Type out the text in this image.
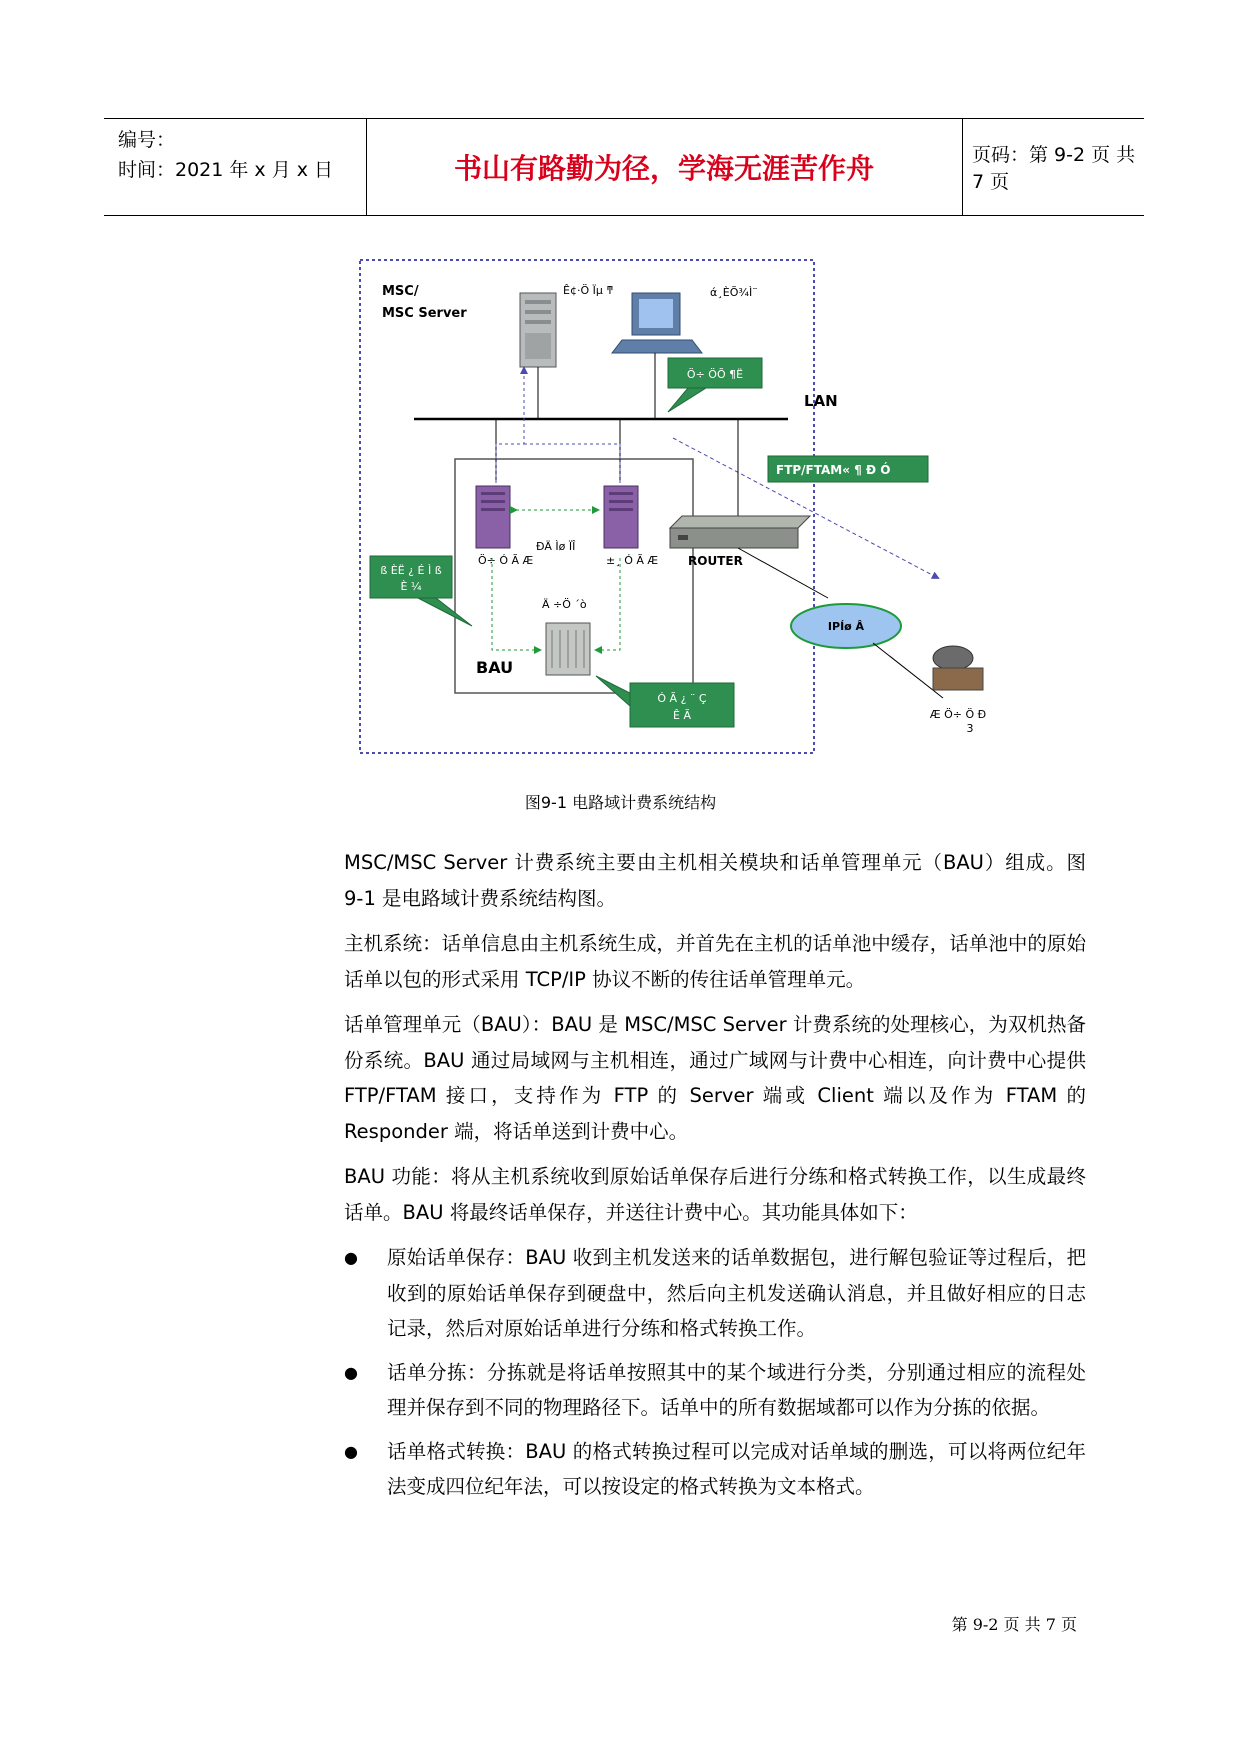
编号：
时间：2021 年 x 月 x 日	书山有路勤为径，学海无涯苦作舟	页码：第 9-2 页 共 7 页
MSC/
MSC Server
Ê¢·Ö Ïµ ͳ	ά¸ÈÕ¾Ì¨
Ö÷ ÖÕ ¶Ë
LAN
FTP/FTAM« ¶ Ð Ó
BAU
ÐÄ Ìø ÏÎ
Ö÷ Ó Ã Æ	±¸ Ó Ã Æ
Ä ÷Ö ´ò
ß ÈË ¿ É Ì ß
È ¼
Ó Ã ¿ ¨ Ç
Ê Ã
ROUTER
IPÍø Â
Æ Ö÷ Ö Ð
3
图9-1 电路域计费系统结构

MSC/MSC Server 计费系统主要由主机相关模块和话单管理单元（BAU）组成。图 9-1 是电路域计费系统结构图。

主机系统：话单信息由主机系统生成，并首先在主机的话单池中缓存，话单池中的原始话单以包的形式采用 TCP/IP 协议不断的传往话单管理单元。

话单管理单元（BAU）：BAU 是 MSC/MSC Server 计费系统的处理核心，为双机热备份系统。BAU 通过局域网与主机相连，通过广域网与计费中心相连，向计费中心提供 FTP/FTAM 接口，支持作为 FTP 的 Server 端或 Client 端以及作为 FTAM 的 Responder 端，将话单送到计费中心。

BAU 功能：将从主机系统收到原始话单保存后进行分练和格式转换工作，以生成最终话单。BAU 将最终话单保存，并送往计费中心。其功能具体如下：

● 原始话单保存：BAU 收到主机发送来的话单数据包，进行解包验证等过程后，把收到的原始话单保存到硬盘中，然后向主机发送确认消息，并且做好相应的日志记录，然后对原始话单进行分练和格式转换工作。
● 话单分拣：分拣就是将话单按照其中的某个域进行分类，分别通过相应的流程处理并保存到不同的物理路径下。话单中的所有数据域都可以作为分拣的依据。
● 话单格式转换：BAU 的格式转换过程可以完成对话单域的删选，可以将两位纪年法变成四位纪年法，可以按设定的格式转换为文本格式。
第 9-2 页 共 7 页
